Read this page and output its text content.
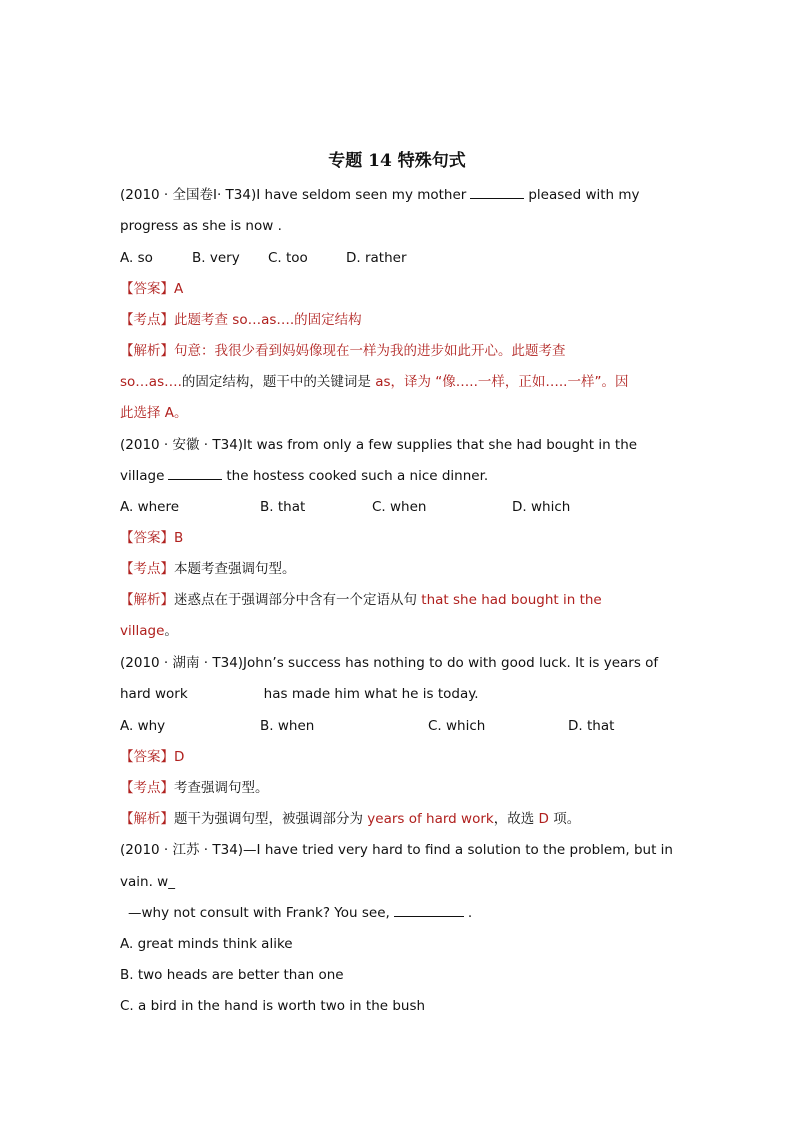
专题 14 特殊句式
(2010 · 全国卷Ⅰ· T34)I have seldom seen my mother	pleased with my
progress as she is now .
A. so	B. very C. too	D. rather
【答案】A
【考点】此题考查 so…as….的固定结构
【解析】句意：我很少看到妈妈像现在一样为我的进步如此开心。此题考查
so…as….的固定结构，题干中的关键词是 as，译为 “像…..一样，正如…..一样”。因
此选择 A。
(2010 · 安徽 · T34)It was from only a few supplies that she had bought in the
village	the hostess cooked such a nice dinner.
A. where	B. that	C. when	D. which
【答案】B
【考点】本题考查强调句型。
【解析】迷惑点在于强调部分中含有一个定语从句 that she had bought in the
village。
(2010 · 湖南 · T34)John’s success has nothing to do with good luck. It is years of
hard work	has made him what he is today.
A. why	B. when	C. which	D. that
【答案】D
【考点】考查强调句型。
【解析】题干为强调句型，被强调部分为 years of hard work，故选 D 项。
(2010 · 江苏 · T34)—I have tried very hard to find a solution to the problem, but in
vain. w_
—why not consult with Frank? You see,	.
A. great minds think alike
B. two heads are better than one
C. a bird in the hand is worth two in the bush
